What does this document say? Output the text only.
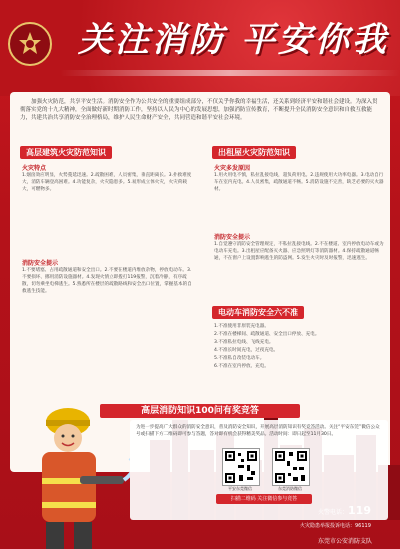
关注消防 平安你我
加强火灾防范，共享平安生活。消防安全作为公共安全的重要组成部分，不仅关乎你我的幸福生活，还关系到经济平安和谐社会建设。为深入贯彻落实党的十九大精神，全面做好新时期消防工作，坚持以人民为中心的发展思想，加强消防宣传教育，不断提升全民消防安全意识和自救互救能力，共建共治共享消防安全治理格局，维护人民生命财产安全，共同营造和谐平安社会环境。
高层建筑火灾防范知识
火灾特点
1.烟囱效应明显，火势蔓延迅速。2.疏散困难，人员密集，垂直距离长。3.扑救难度大，消防车辆登高困难。4.功能复杂，火灾隐患多。5.易形成立体火灾，火灾荷载大，可燃物多。
消防安全提示
1.不要堵塞、占用疏散通道和安全出口。2.不要在楼道内堆放杂物，停放电动车。3.不要损坏、挪用消防设施器材。4.发现火情立即拨打119报警，沉着冷静，有序疏散，切勿乘坐电梯逃生。5.熟悉所在楼层的疏散路线和安全出口位置，掌握基本的自救逃生技能。
出租屋火灾防范知识
火灾多发原因
1.用火用电不慎，私拉乱接电线，超负荷用电。2.违规使用大功率电器。3.电动自行车在室内充电。4.人员密集，疏散通道不畅。5.消防设施不完善，缺乏必要的灭火器材。
消防安全提示
1.自觉遵守消防安全管理规定，不私拉乱接电线。2.不在楼道、室内停放电动车或为电动车充电。3.出租屋应配备灭火器、应急照明灯等消防器材。4.保持疏散通道畅通，不在窗户上设置影响逃生的防盗网。5.发生火灾时及时报警，迅速逃生。
电动车消防安全六不准
1.不准使用非原装充电器。
2.不准在楼梯间、疏散通道、安全出口停放、充电。
3.不准私拉电线、飞线充电。
4.不准长时间充电，过夜充电。
5.不准私自改装电动车。
6.不准在室内停放、充电。
高层消防知识100问有奖竞答
为进一步提高广大群众的消防安全意识，普及消防安全知识，开展高层消防知识有奖竞答活动。关注“平安东莞”微信公众号或扫描下方二维码即可参与答题，答对即有机会获得精美奖品。活动时间：即日起至11月30日。
平安东莞微信	东莞消防微信
扫描二维码 关注微信参与竞答
火警电话：119
火灾隐患举报投诉电话：96119
东莞市公安消防支队
